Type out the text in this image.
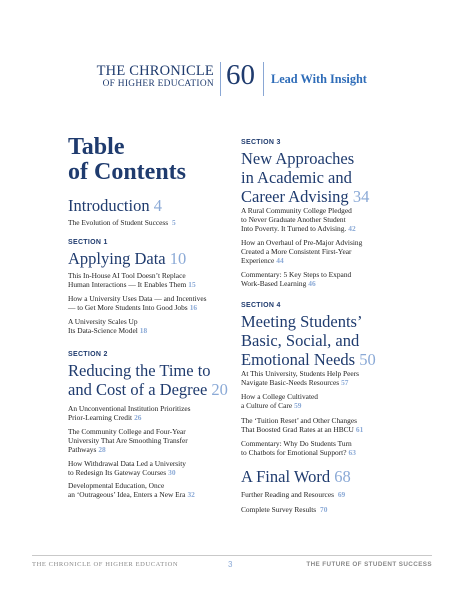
THE CHRONICLE
OF HIGHER EDUCATION 60 Lead With Insight
Table
of Contents
Introduction 4
The Evolution of Student Success 5
SECTION 1
Applying Data 10
This In-House AI Tool Doesn’t Replace
Human Interactions — It Enables Them 15
How a University Uses Data — and Incentives
— to Get More Students Into Good Jobs 16
A University Scales Up
Its Data-Science Model 18
SECTION 2
Reducing the Time to
and Cost of a Degree 20
An Unconventional Institution Prioritizes
Prior-Learning Credit 26
The Community College and Four-Year
University That Are Smoothing Transfer
Pathways 28
How Withdrawal Data Led a University
to Redesign Its Gateway Courses 30
Developmental Education, Once
an ‘Outrageous’ Idea, Enters a New Era 32
SECTION 3
New Approaches
in Academic and
Career Advising 34
A Rural Community College Pledged
to Never Graduate Another Student
Into Poverty. It Turned to Advising. 42
How an Overhaul of Pre-Major Advising
Created a More Consistent First-Year
Experience 44
Commentary: 5 Key Steps to Expand
Work-Based Learning 46
SECTION 4
Meeting Students’
Basic, Social, and
Emotional Needs 50
At This University, Students Help Peers
Navigate Basic-Needs Resources 57
How a College Cultivated
a Culture of Care 59
The ‘Tuition Reset’ and Other Changes
That Boosted Grad Rates at an HBCU 61
Commentary: Why Do Students Turn
to Chatbots for Emotional Support? 63
A Final Word 68
Further Reading and Resources 69
Complete Survey Results 70
THE CHRONICLE OF HIGHER EDUCATION	3	THE FUTURE OF STUDENT SUCCESS
